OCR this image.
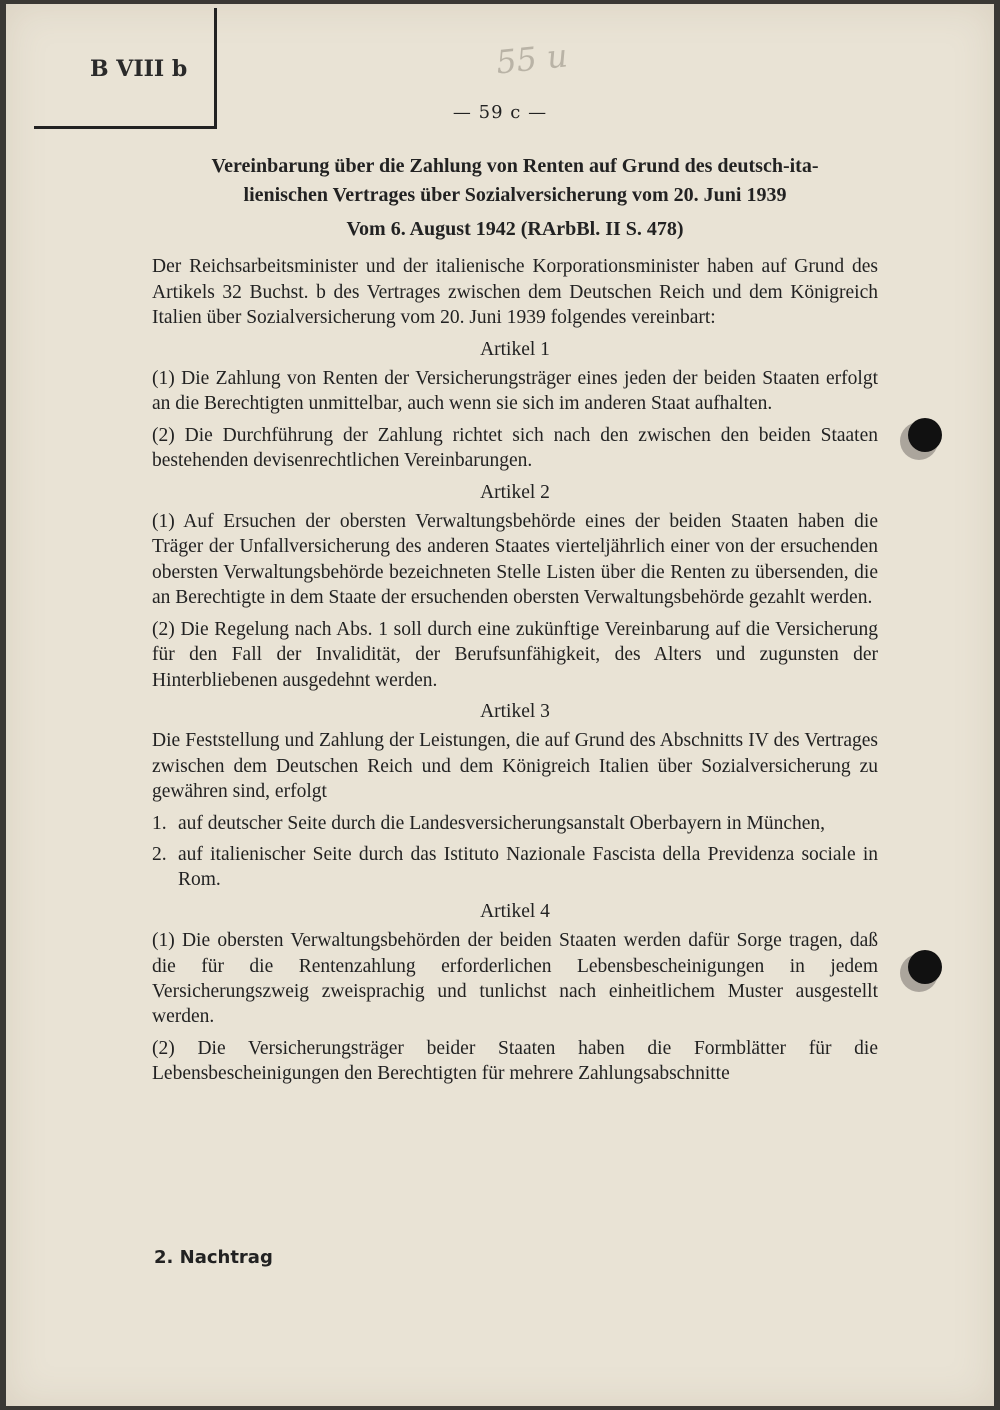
B VIII b	55 u
— 59 c —

Vereinbarung über die Zahlung von Renten auf Grund des deutsch-ita-

lienischen Vertrages über Sozialversicherung vom 20. Juni 1939

Vom 6. August 1942 (RArbBl. II S. 478)

Der Reichsarbeitsminister und der italienische Korporationsminister haben auf Grund des Artikels 32 Buchst. b des Vertrages zwischen dem Deutschen Reich und dem Königreich Italien über Sozialversicherung vom 20. Juni 1939 folgendes vereinbart:

Artikel 1

(1) Die Zahlung von Renten der Versicherungsträger eines jeden der beiden Staaten erfolgt an die Berechtigten unmittelbar, auch wenn sie sich im anderen Staat aufhalten.

(2) Die Durchführung der Zahlung richtet sich nach den zwischen den beiden Staaten bestehenden devisenrechtlichen Vereinbarungen.

Artikel 2

(1) Auf Ersuchen der obersten Verwaltungsbehörde eines der beiden Staaten haben die Träger der Unfallversicherung des anderen Staates vierteljährlich einer von der ersuchenden obersten Verwaltungsbehörde bezeichneten Stelle Listen über die Renten zu übersenden, die an Berechtigte in dem Staate der ersuchenden obersten Verwaltungsbehörde gezahlt werden.

(2) Die Regelung nach Abs. 1 soll durch eine zukünftige Vereinbarung auf die Versicherung für den Fall der Invalidität, der Berufsunfähigkeit, des Alters und zugunsten der Hinterbliebenen ausgedehnt werden.

Artikel 3

Die Feststellung und Zahlung der Leistungen, die auf Grund des Abschnitts IV des Vertrages zwischen dem Deutschen Reich und dem Königreich Italien über Sozialversicherung zu gewähren sind, erfolgt

1. auf deutscher Seite durch die Landesversicherungsanstalt Oberbayern in München,
2. auf italienischer Seite durch das Istituto Nazionale Fascista della Previdenza sociale in Rom.
Artikel 4

(1) Die obersten Verwaltungsbehörden der beiden Staaten werden dafür Sorge tragen, daß die für die Rentenzahlung erforderlichen Lebensbescheinigungen in jedem Versicherungszweig zweisprachig und tunlichst nach einheitlichem Muster ausgestellt werden.

(2) Die Versicherungsträger beider Staaten haben die Formblätter für die Lebensbescheinigungen den Berechtigten für mehrere Zahlungsabschnitte

2. Nachtrag
